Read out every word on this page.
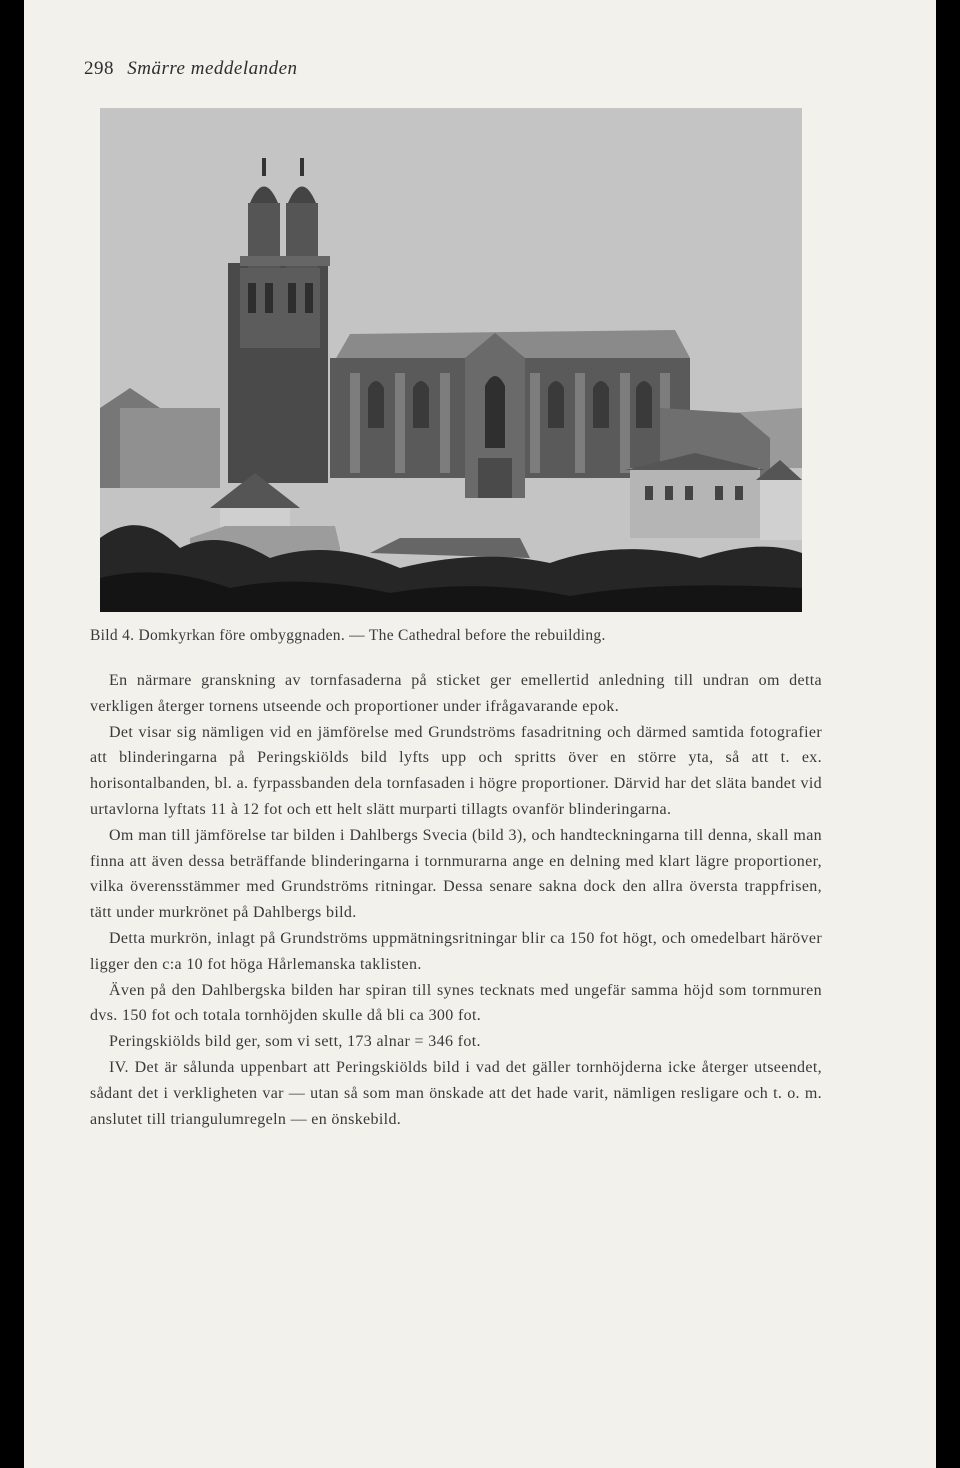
298 Smärre meddelanden
Bild 4. Domkyrkan före ombyggnaden. — The Cathedral before the rebuilding.

En närmare granskning av tornfasaderna på sticket ger emellertid anledning till undran om detta verkligen återger tornens utseende och proportioner under ifrågavarande epok.

Det visar sig nämligen vid en jämförelse med Grundströms fasadritning och därmed samtida fotografier att blinderingarna på Peringskiölds bild lyfts upp och spritts över en större yta, så att t. ex. horisontalbanden, bl. a. fyrpassbanden dela tornfasaden i högre proportioner. Därvid har det släta bandet vid urtavlorna lyftats 11 à 12 fot och ett helt slätt murparti tillagts ovanför blinderingarna.

Om man till jämförelse tar bilden i Dahlbergs Svecia (bild 3), och handteckningarna till denna, skall man finna att även dessa beträffande blinderingarna i tornmurarna ange en delning med klart lägre proportioner, vilka överensstämmer med Grundströms ritningar. Dessa senare sakna dock den allra översta trappfrisen, tätt under murkrönet på Dahlbergs bild.

Detta murkrön, inlagt på Grundströms uppmätningsritningar blir ca 150 fot högt, och omedelbart häröver ligger den c:a 10 fot höga Hårlemanska taklisten.

Även på den Dahlbergska bilden har spiran till synes tecknats med ungefär samma höjd som tornmuren dvs. 150 fot och totala tornhöjden skulle då bli ca 300 fot.

Peringskiölds bild ger, som vi sett, 173 alnar = 346 fot.

IV. Det är sålunda uppenbart att Peringskiölds bild i vad det gäller tornhöjderna icke återger utseendet, sådant det i verkligheten var — utan så som man önskade att det hade varit, nämligen resligare och t. o. m. anslutet till triangulumregeln — en önskebild.
